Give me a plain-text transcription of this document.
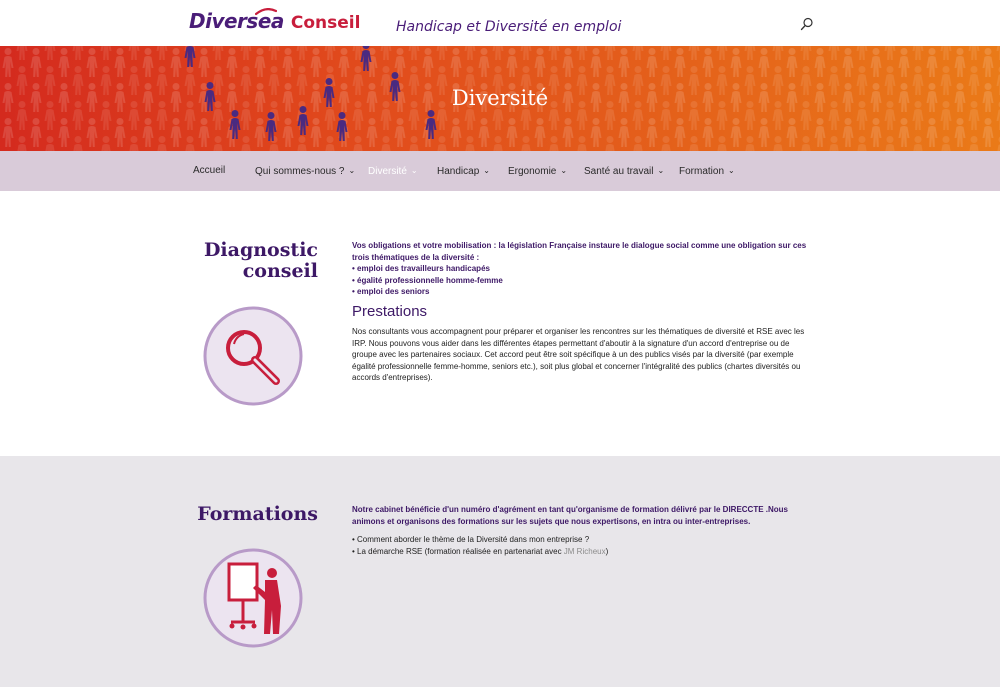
Diversea Conseil	Handicap et Diversité en emploi
Diversité
Accueil	Qui sommes-nous ? ⌄ Diversité ⌄ Handicap ⌄ Ergonomie ⌄ Santé au travail ⌄ Formation ⌄
Diagnostic
conseil
Vos obligations et votre mobilisation : la législation Française instaure le dialogue social comme une obligation sur ces trois thématiques de la diversité :
• emploi des travailleurs handicapés
• égalité professionnelle homme-femme
• emploi des seniors
Prestations
Nos consultants vous accompagnent pour préparer et organiser les rencontres sur les thématiques de diversité et RSE avec les IRP. Nous pouvons vous aider dans les différentes étapes permettant d'aboutir à la signature d'un accord d'entreprise ou de groupe avec les partenaires sociaux. Cet accord peut être soit spécifique à un des publics visés par la diversité (par exemple égalité professionnelle femme-homme, seniors etc.), soit plus global et concerner l'intégralité des publics (chartes diversités ou accords d'entreprises).
Formations	Notre cabinet bénéficie d'un numéro d'agrément en tant qu'organisme de formation délivré par le DIRECCTE .Nous animons et organisons des formations sur les sujets que nous expertisons, en intra ou inter-entreprises.
• Comment aborder le thème de la Diversité dans mon entreprise ?
• La démarche RSE (formation réalisée en partenariat avec JM Richeux)
